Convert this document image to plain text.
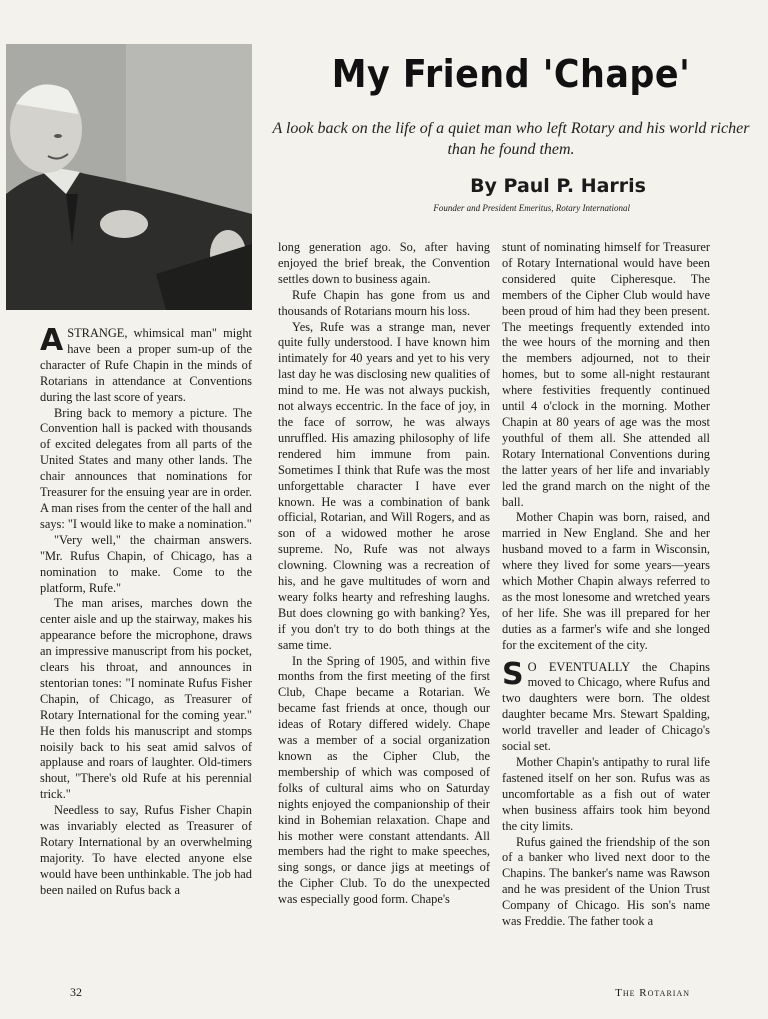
My Friend 'Chape'

A look back on the life of a quiet man who left Rotary and his world richer than he found them.

By Paul P. Harris
Founder and President Emeritus, Rotary International

ASTRANGE, whimsical man" might have been a proper sum-up of the character of Rufe Chapin in the minds of Rotarians in attendance at Conventions during the last score of years.

Bring back to memory a picture. The Convention hall is packed with thousands of excited delegates from all parts of the United States and many other lands. The chair announces that nominations for Treasurer for the ensuing year are in order. A man rises from the center of the hall and says: "I would like to make a nomination."

"Very well," the chairman answers. "Mr. Rufus Chapin, of Chicago, has a nomination to make. Come to the platform, Rufe."

The man arises, marches down the center aisle and up the stairway, makes his appearance before the microphone, draws an impressive manuscript from his pocket, clears his throat, and announces in stentorian tones: "I nominate Rufus Fisher Chapin, of Chicago, as Treasurer of Rotary International for the coming year." He then folds his manuscript and stomps noisily back to his seat amid salvos of applause and roars of laughter. Old-timers shout, "There's old Rufe at his perennial trick."

Needless to say, Rufus Fisher Chapin was invariably elected as Treasurer of Rotary International by an overwhelming majority. To have elected anyone else would have been unthinkable. The job had been nailed on Rufus back a

long generation ago. So, after having enjoyed the brief break, the Convention settles down to business again.

Rufe Chapin has gone from us and thousands of Rotarians mourn his loss.

Yes, Rufe was a strange man, never quite fully understood. I have known him intimately for 40 years and yet to his very last day he was disclosing new qualities of mind to me. He was not always puckish, not always eccentric. In the face of joy, in the face of sorrow, he was always unruffled. His amazing philosophy of life rendered him immune from pain. Sometimes I think that Rufe was the most unforgettable character I have ever known. He was a combination of bank official, Rotarian, and Will Rogers, and as son of a widowed mother he arose supreme. No, Rufe was not always clowning. Clowning was a recreation of his, and he gave multitudes of worn and weary folks hearty and refreshing laughs. But does clowning go with banking? Yes, if you don't try to do both things at the same time.

In the Spring of 1905, and within five months from the first meeting of the first Club, Chape became a Rotarian. We became fast friends at once, though our ideas of Rotary differed widely. Chape was a member of a social organization known as the Cipher Club, the membership of which was composed of folks of cultural aims who on Saturday nights enjoyed the companionship of their kind in Bohemian relaxation. Chape and his mother were constant attendants. All members had the right to make speeches, sing songs, or dance jigs at meetings of the Cipher Club. To do the unexpected was especially good form. Chape's

stunt of nominating himself for Treasurer of Rotary International would have been considered quite Cipheresque. The members of the Cipher Club would have been proud of him had they been present. The meetings frequently extended into the wee hours of the morning and then the members adjourned, not to their homes, but to some all-night restaurant where festivities frequently continued until 4 o'clock in the morning. Mother Chapin at 80 years of age was the most youthful of them all. She attended all Rotary International Conventions during the latter years of her life and invariably led the grand march on the night of the ball.

Mother Chapin was born, raised, and married in New England. She and her husband moved to a farm in Wisconsin, where they lived for some years—years which Mother Chapin always referred to as the most lonesome and wretched years of her life. She was ill prepared for her duties as a farmer's wife and she longed for the excitement of the city.

S O EVENTUALLY the Chapins moved to Chicago, where Rufus and two daughters were born. The oldest daughter became Mrs. Stewart Spalding, world traveller and leader of Chicago's social set.

Mother Chapin's antipathy to rural life fastened itself on her son. Rufus was as uncomfortable as a fish out of water when business affairs took him beyond the city limits.

Rufus gained the friendship of the son of a banker who lived next door to the Chapins. The banker's name was Rawson and he was president of the Union Trust Company of Chicago. His son's name was Freddie. The father took a

32	The Rotarian
